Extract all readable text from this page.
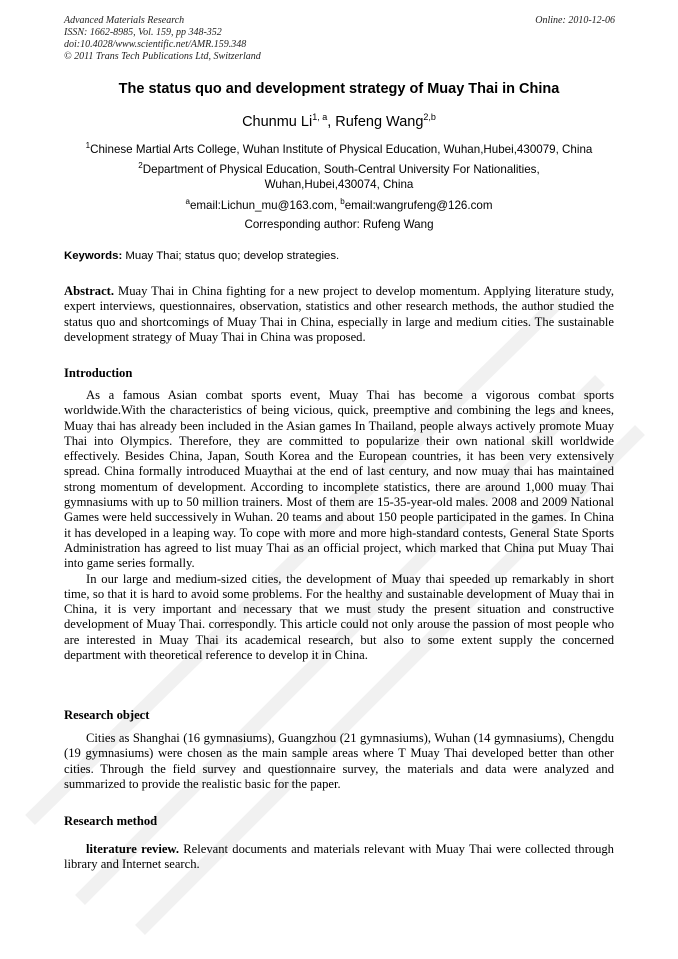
Advanced Materials Research
ISSN: 1662-8985, Vol. 159, pp 348-352
doi:10.4028/www.scientific.net/AMR.159.348
© 2011 Trans Tech Publications Ltd, Switzerland
Online: 2010-12-06
The status quo and development strategy of Muay Thai in China
Chunmu Li$^{1, a}$, Rufeng Wang$^{2,b}$
$^1$Chinese Martial Arts College, Wuhan Institute of Physical Education, Wuhan,Hubei,430079, China
$^2$Department of Physical Education, South-Central University For Nationalities,
Wuhan,Hubei,430074, China
$^a$email:Lichun_mu@163.com, $^b$email:wangrufeng@126.com
Corresponding author: Rufeng Wang
Keywords: Muay Thai; status quo; develop strategies.

Abstract. Muay Thai in China fighting for a new project to develop momentum. Applying literature study, expert interviews, questionnaires, observation, statistics and other research methods, the author studied the status quo and shortcomings of Muay Thai in China, especially in large and medium cities. The sustainable development strategy of Muay Thai in China was proposed.

Introduction

As a famous Asian combat sports event, Muay Thai has become a vigorous combat sports worldwide.With the characteristics of being vicious, quick, preemptive and combining the legs and knees, Muay thai has already been included in the Asian games In Thailand, people always actively promote Muay Thai into Olympics. Therefore, they are committed to popularize their own national skill worldwide effectively. Besides China, Japan, South Korea and the European countries, it has been very extensively spread. China formally introduced Muaythai at the end of last century, and now muay thai has maintained strong momentum of development. According to incomplete statistics, there are around 1,000 muay Thai gymnasiums with up to 50 million trainers. Most of them are 15-35-year-old males. 2008 and 2009 National Games were held successively in Wuhan. 20 teams and about 150 people participated in the games. In China it has developed in a leaping way. To cope with more and more high-standard contests, General State Sports Administration has agreed to list muay Thai as an official project, which marked that China put Muay Thai into game series formally.

In our large and medium-sized cities, the development of Muay thai speeded up remarkably in short time, so that it is hard to avoid some problems. For the healthy and sustainable development of Muay thai in China, it is very important and necessary that we must study the present situation and constructive development of Muay Thai. correspondly. This article could not only arouse the passion of most people who are interested in Muay Thai its academical research, but also to some extent supply the concerned department with theoretical reference to develop it in China.

Research object

Cities as Shanghai (16 gymnasiums), Guangzhou (21 gymnasiums), Wuhan (14 gymnasiums), Chengdu (19 gymnasiums) were chosen as the main sample areas where T Muay Thai developed better than other cities. Through the field survey and questionnaire survey, the materials and data were analyzed and summarized to provide the realistic basic for the paper.

Research method

literature review. Relevant documents and materials relevant with Muay Thai were collected through library and Internet search.
